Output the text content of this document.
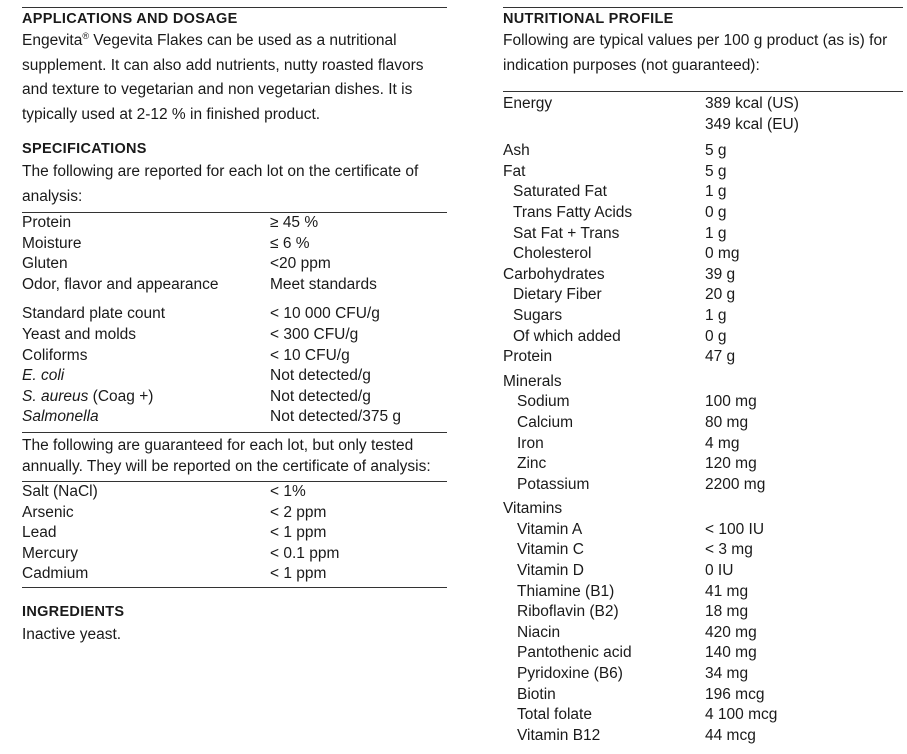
APPLICATIONS AND DOSAGE

Engevita® Vegevita Flakes can be used as a nutritional supplement. It can also add nutrients, nutty roasted flavors and texture to vegetarian and non vegetarian dishes. It is typically used at 2-12 % in finished product.

SPECIFICATIONS

The following are reported for each lot on the certificate of analysis:

Protein	≥ 45 %
Moisture	≤ 6 %
Gluten	<20 ppm
Odor, flavor and appearance	Meet standards
Standard plate count	< 10 000 CFU/g
Yeast and molds	< 300 CFU/g
Coliforms	< 10 CFU/g
E. coli	Not detected/g
S. aureus (Coag +)	Not detected/g
Salmonella	Not detected/375 g

The following are guaranteed for each lot, but only tested annually. They will be reported on the certificate of analysis:

Salt (NaCl)	< 1%
Arsenic	< 2 ppm
Lead	< 1 ppm
Mercury	< 0.1 ppm
Cadmium	< 1 ppm

INGREDIENTS

Inactive yeast.

NUTRITIONAL PROFILE

Following are typical values per 100 g product (as is) for indication purposes (not guaranteed):

Energy	389 kcal (US)
349 kcal (EU)
Ash	5 g
Fat	5 g
Saturated Fat	1 g
Trans Fatty Acids	0 g
Sat Fat + Trans	1 g
Cholesterol	0 mg
Carbohydrates	39 g
Dietary Fiber	20 g
Sugars	1 g
Of which added	0 g
Protein	47 g
Minerals
Sodium	100 mg
Calcium	80 mg
Iron	4 mg
Zinc	120 mg
Potassium	2200 mg
Vitamins
Vitamin A	< 100 IU
Vitamin C	< 3 mg
Vitamin D	0 IU
Thiamine (B1)	41 mg
Riboflavin (B2)	18 mg
Niacin	420 mg
Pantothenic acid	140 mg
Pyridoxine (B6)	34 mg
Biotin	196 mcg
Total folate	4 100 mcg
Vitamin B12	44 mcg
